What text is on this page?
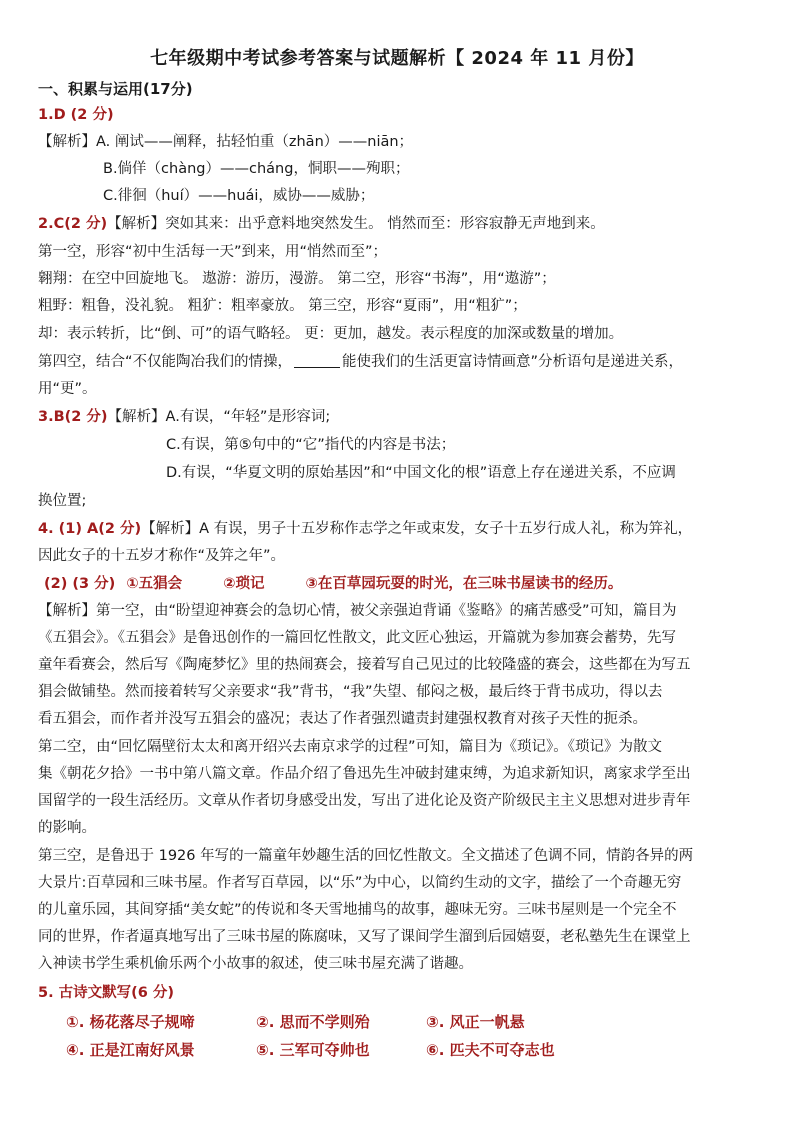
七年级期中考试参考答案与试题解析【 2024 年 11 月份】
一、积累与运用(17分)
1.D (2 分)
【解析】A. 阐试——阐释，拈轻怕重（zhān）——niān；
B.倘佯（chàng）——cháng，恫职——殉职；
C.徘徊（huí）——huái，威协——威胁；
2.C(2 分)【解析】突如其来：出乎意料地突然发生。 悄然而至：形容寂静无声地到来。
第一空，形容“初中生活每一天”到来，用“悄然而至”；
翱翔：在空中回旋地飞。 遨游：游历，漫游。 第二空，形容“书海”，用“遨游”；
粗野：粗鲁，没礼貌。 粗犷：粗率豪放。 第三空，形容“夏雨”，用“粗犷”；
却：表示转折，比“倒、可”的语气略轻。 更：更加，越发。表示程度的加深或数量的增加。
第四空，结合“不仅能陶冶我们的情操，	能使我们的生活更富诗情画意”分析语句是递进关系，
用“更”。
3.B(2 分)【解析】A.有误，“年轻”是形容词;
C.有误，第⑤句中的“它”指代的内容是书法；
D.有误，“华夏文明的原始基因”和“中国文化的根”语意上存在递进关系，不应调
换位置;
4. (1) A(2 分)【解析】A 有误，男子十五岁称作志学之年或束发，女子十五岁行成人礼，称为笄礼，
因此女子的十五岁才称作“及笄之年”。
(2) (3 分) ①五猖会	②琐记	③在百草园玩耍的时光，在三味书屋读书的经历。
【解析】第一空，由“盼望迎神赛会的急切心情，被父亲强迫背诵《鉴略》的痛苦感受”可知，篇目为
《五猖会》。《五猖会》是鲁迅创作的一篇回忆性散文，此文匠心独运，开篇就为参加赛会蓄势，先写
童年看赛会，然后写《陶庵梦忆》里的热闹赛会，接着写自己见过的比较隆盛的赛会，这些都在为写五
猖会做铺垫。然而接着转写父亲要求“我”背书，“我”失望、郁闷之极，最后终于背书成功，得以去
看五猖会，而作者并没写五猖会的盛况；表达了作者强烈谴责封建强权教育对孩子天性的扼杀。
第二空，由“回忆隔壁衍太太和离开绍兴去南京求学的过程”可知，篇目为《琐记》。《琐记》为散文
集《朝花夕拾》一书中第八篇文章。作品介绍了鲁迅先生冲破封建束缚，为追求新知识，离家求学至出
国留学的一段生活经历。文章从作者切身感受出发，写出了进化论及资产阶级民主主义思想对进步青年
的影响。
第三空，是鲁迅于 1926 年写的一篇童年妙趣生活的回忆性散文。全文描述了色调不同，情韵各异的两
大景片:百草园和三味书屋。作者写百草园，以“乐”为中心，以简约生动的文字，描绘了一个奇趣无穷
的儿童乐园，其间穿插“美女蛇”的传说和冬天雪地捕鸟的故事，趣味无穷。三味书屋则是一个完全不
同的世界，作者逼真地写出了三味书屋的陈腐味，又写了课间学生溜到后园嬉耍，老私塾先生在课堂上
入神读书学生乘机偷乐两个小故事的叙述，使三味书屋充满了谐趣。
5. 古诗文默写(6 分)
①. 杨花落尽子规啼	②. 思而不学则殆	③. 风正一帆悬
④. 正是江南好风景	⑤. 三军可夺帅也	⑥. 匹夫不可夺志也
